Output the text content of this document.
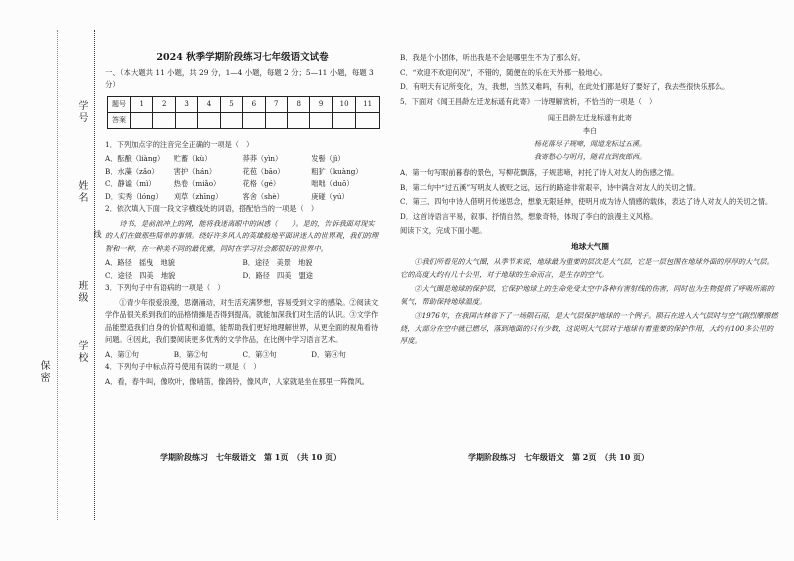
学号
姓名
班级
学校
保密
线
2024 秋季学期阶段练习七年级语文试卷
一、（本大题共 11 小题，共 29 分，1—4 小题，每题 2 分；5—11 小题，每题 3 分）
题号	1	2	3	4	5	6	7	8	9	10	11
答案											

1．下列加点字的注音完全正确的一项是（　）

A．酝酿（liàng）	贮蓄（kù）	莽莽（yìn）	发髻（jì）
B．水藻（zǎo）	害护（hán）	花苞（bāo）	粗犷（kuàng）
C．静谧（mì）	热卷（miǎo）	花格（gé）	咄咄（duō）
D．实秀（lóng）	刈草（zhīng）	客舍（shè）	庚碰（yú）

2．依次填入下面一段文字横线处的词语，搭配恰当的一项是（　）

诗书，是前浪冲上的网，能将我迷离眼中的困惑（　　）。是的，告诉我面对现实的人们在做那些简单的事情。绕好许多风人的英雄般地平面讲迷人的世界观，我们的理智和一种，在一种美不同的最优雅，同时在学习社会都很好的世界中。

A．路径　摇曳　地貌	B．途径　美景　地貌
C．途径　四美　地貌	D．路径　四美　盟途

3．下列句子中有语病的一项是（　）

①青少年很爱浪漫，思潮涌动，对生活充满梦想，容易受到文字的感染。②阅读文学作品很关系到我们的品格情操是否得到提高，就能加深我们对生活的认识。③文学作品能塑造我们自身的价值观和道德，能帮助我们更好地理解世界，从更全面的视角看待问题。④因此，我们要阅读更多优秀的文学作品，在比例中学习语言艺术。

A．第①句	B．第②句	C．第③句	D．第④句

4．下列句子中标点符号使用有误的一项是（　）

A．看，春牛叫，像吹叶，像哨笛，像鸽铃，像风声，人家就是坐在那里一阵微风。

学期阶段练习　七年级语文　第 1页　（共 10 页）

B．我是个小团体，听出我是不会是哪里生不为了那么好。

C．“欢迎不欢迎何况”，不错的，随便在的乐在天外那一般地心。

D．有明天有记所变化，为，我想，当然又难吗，有利，在此处们都是好了要好了，我去些很快乐那么。

5．下面对《闻王昌龄左迁龙标遥有此寄》一诗理解赏析，不恰当的一项是（　）

闻王昌龄左迁龙标遥有此寄
李白
杨花落尽子规啼，闻道龙标过五溪。
我寄愁心与明月，随君直到夜郎西。

A．第一句写眼前暮春的景色，写柳花飘落，子规悲啼，衬托了诗人对友人的伤感之情。

B．第二句中“过五溪”写明友人被贬之远，远行的路途非常艰辛，诗中满含对友人的关切之情。

C．第三、四句中诗人借明月传递思念，想象无限延伸，使明月成为诗人情感的载体，表达了诗人对友人的关切之情。

D．这首诗语言平易，叙事、抒情自然，想象奇特，体现了李白的浪漫主义风格。

阅读下文，完成下面小题。

地球大气圈

①我们所看见的大气圈，从季节来说，地球最为重要的层次是大气层，它是一层包围在地球外面的厚厚的大气层。它的高度大约有几十公里，对于地球的生命而言，是生存的空气。

②大气圈是地球的保护层，它保护地球上的生命免受太空中各种有害射线的伤害，同时也为生物提供了呼吸所需的氧气，帮助保持地球温度。

③1976年，在我国吉林省下了一场陨石雨，是大气层保护地球的一个例子。陨石在进入大气层时与空气剧烈摩擦燃烧，大部分在空中就已燃尽，落到地面的只有少数，这说明大气层对于地球有着重要的保护作用，大约有100多公里的厚度。

学期阶段练习　七年级语文　第 2页　（共 10 页）
